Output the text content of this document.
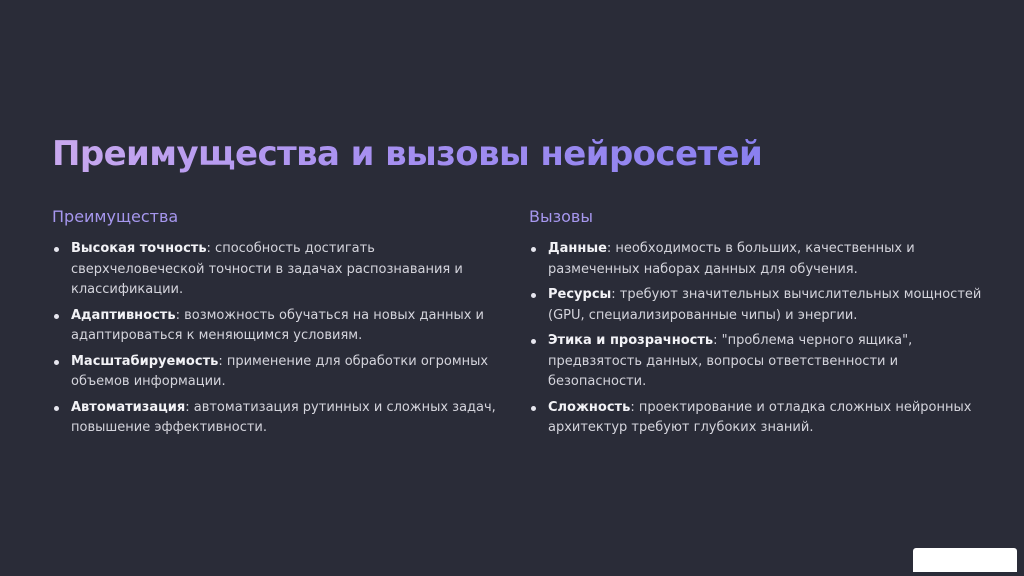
Преимущества и вызовы нейросетей
Преимущества
Высокая точность: способность достигать сверхчеловеческой точности в задачах распознавания и классификации.
Адаптивность: возможность обучаться на новых данных и адаптироваться к меняющимся условиям.
Масштабируемость: применение для обработки огромных объемов информации.
Автоматизация: автоматизация рутинных и сложных задач, повышение эффективности.
Вызовы
Данные: необходимость в больших, качественных и размеченных наборах данных для обучения.
Ресурсы: требуют значительных вычислительных мощностей (GPU, специализированные чипы) и энергии.
Этика и прозрачность: "проблема черного ящика", предвзятость данных, вопросы ответственности и безопасности.
Сложность: проектирование и отладка сложных нейронных архитектур требуют глубоких знаний.
